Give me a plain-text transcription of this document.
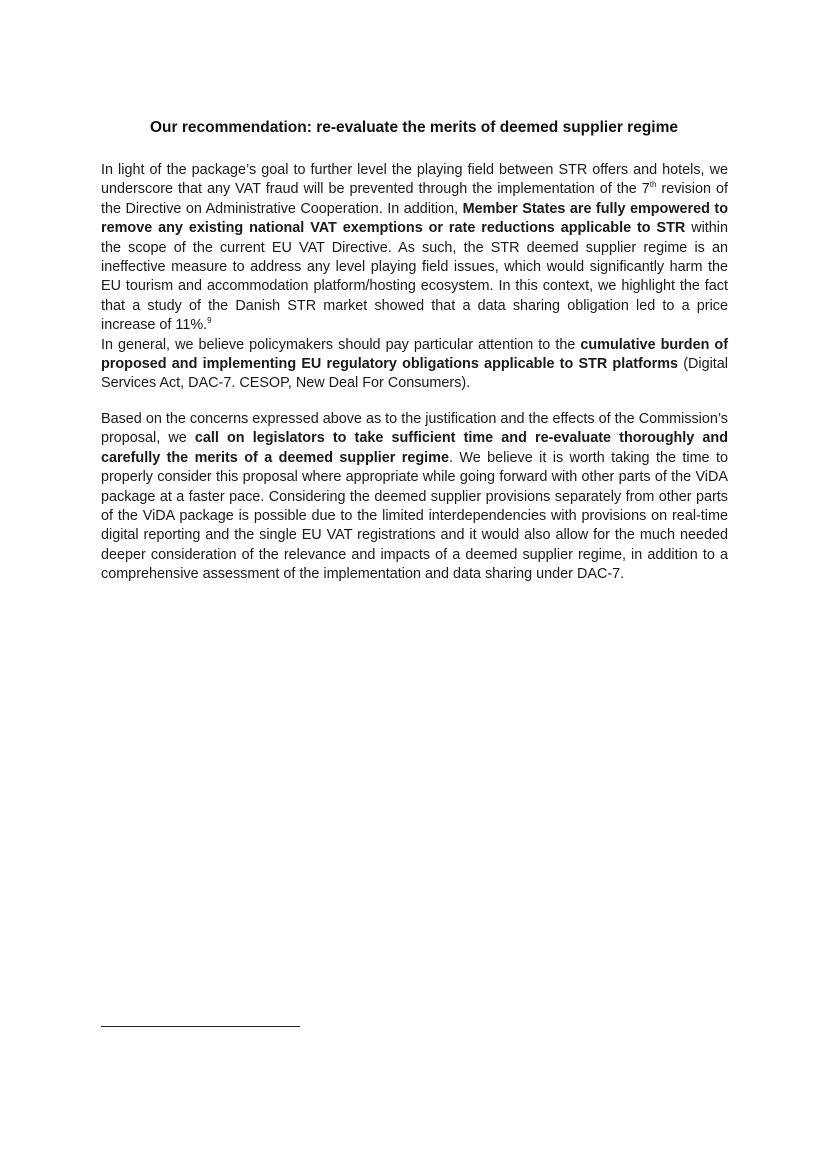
Our recommendation: re-evaluate the merits of deemed supplier regime

In light of the package’s goal to further level the playing field between STR offers and hotels, we underscore that any VAT fraud will be prevented through the implementation of the 7th revision of the Directive on Administrative Cooperation. In addition, Member States are fully empowered to remove any existing national VAT exemptions or rate reductions applicable to STR within the scope of the current EU VAT Directive. As such, the STR deemed supplier regime is an ineffective measure to address any level playing field issues, which would significantly harm the EU tourism and accommodation platform/hosting ecosystem. In this context, we highlight the fact that a study of the Danish STR market showed that a data sharing obligation led to a price increase of 11%.$^9$
In general, we believe policymakers should pay particular attention to the cumulative burden of proposed and implementing EU regulatory obligations applicable to STR platforms (Digital Services Act, DAC-7. CESOP, New Deal For Consumers).

Based on the concerns expressed above as to the justification and the effects of the Commission’s proposal, we call on legislators to take sufficient time and re-evaluate thoroughly and carefully the merits of a deemed supplier regime. We believe it is worth taking the time to properly consider this proposal where appropriate while going forward with other parts of the ViDA package at a faster pace. Considering the deemed supplier provisions separately from other parts of the ViDA package is possible due to the limited interdependencies with provisions on real-time digital reporting and the single EU VAT registrations and it would also allow for the much needed deeper consideration of the relevance and impacts of a deemed supplier regime, in addition to a comprehensive assessment of the implementation and data sharing under DAC-7.
